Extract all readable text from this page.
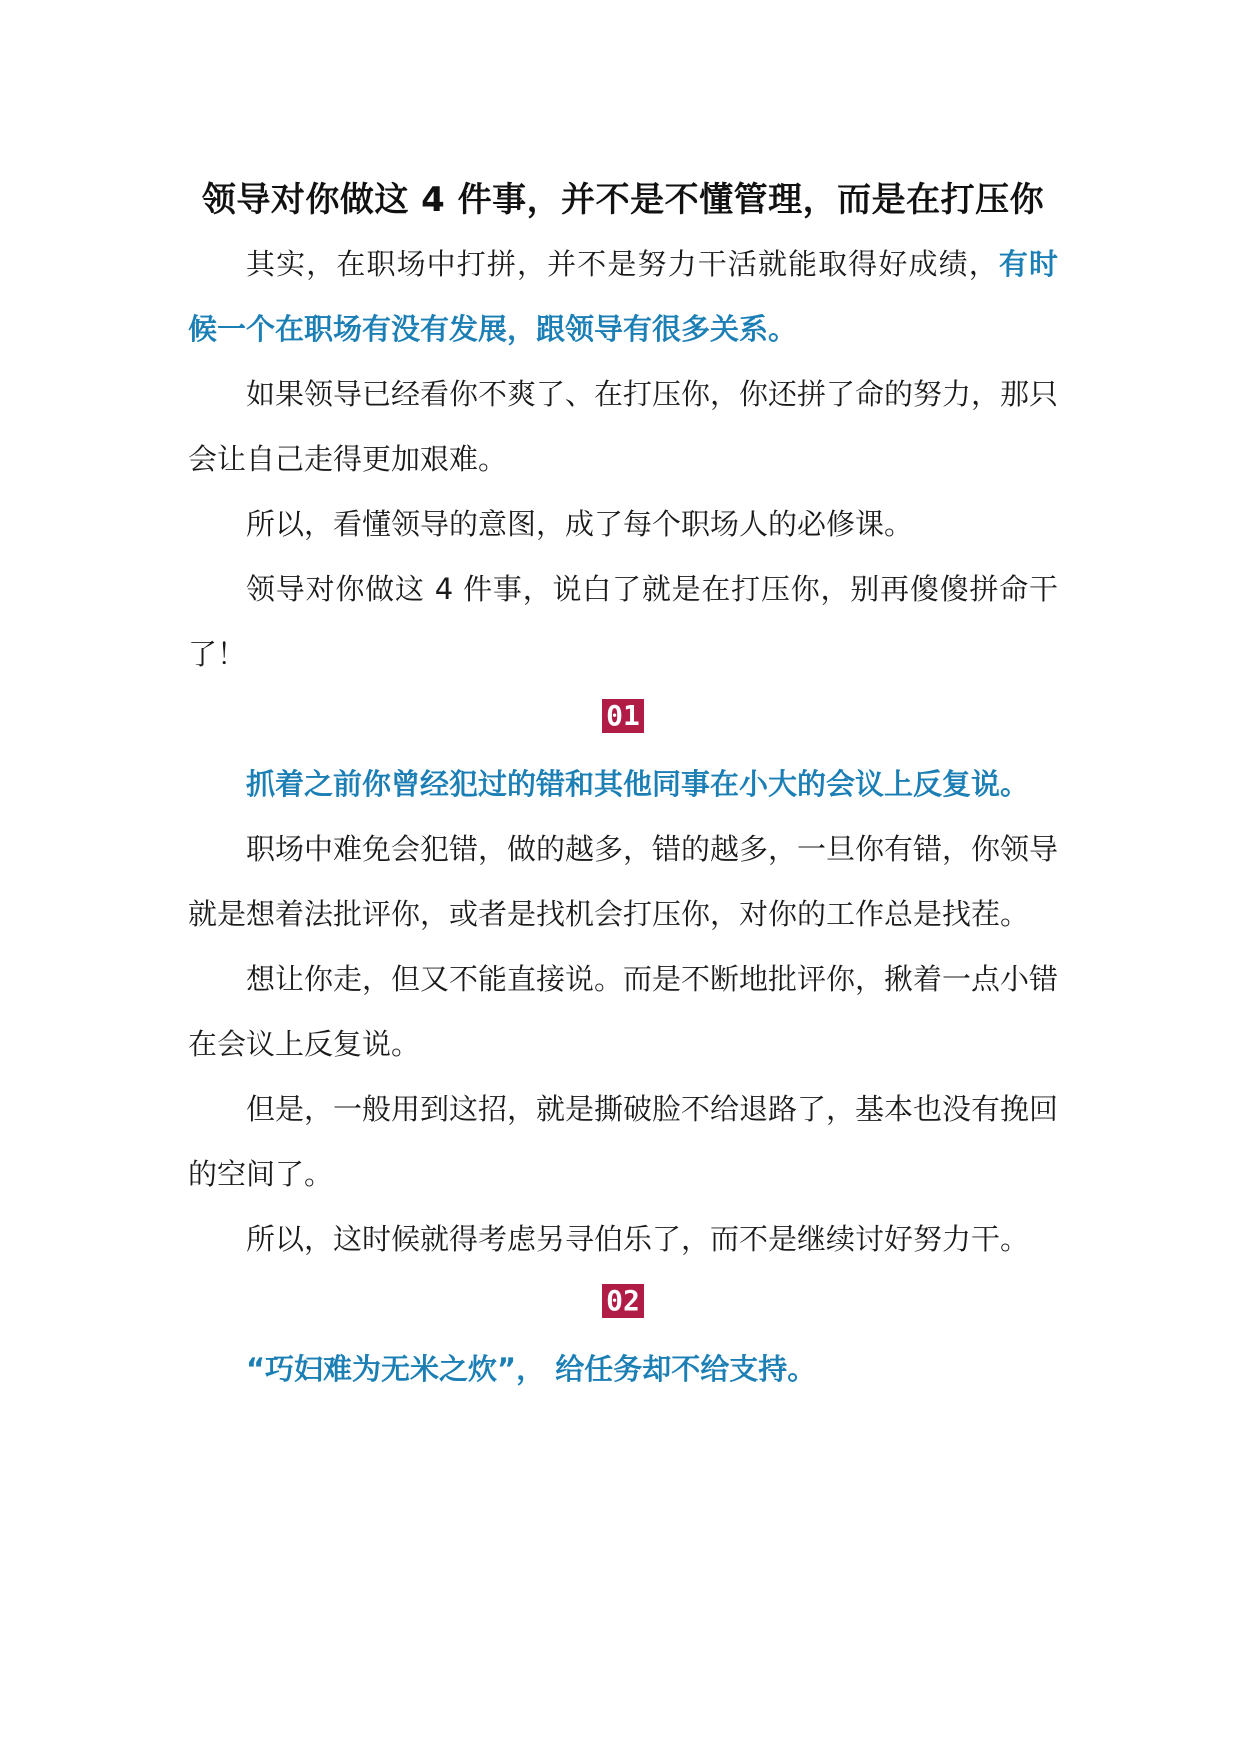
领导对你做这 4 件事，并不是不懂管理，而是在打压你

其实，在职场中打拼，并不是努力干活就能取得好成绩，有时候一个在职场有没有发展，跟领导有很多关系。

如果领导已经看你不爽了、在打压你，你还拼了命的努力，那只会让自己走得更加艰难。

所以，看懂领导的意图，成了每个职场人的必修课。

领导对你做这 4 件事，说白了就是在打压你，别再傻傻拼命干了！

01

抓着之前你曾经犯过的错和其他同事在小大的会议上反复说。

职场中难免会犯错，做的越多，错的越多，一旦你有错，你领导就是想着法批评你，或者是找机会打压你，对你的工作总是找茬。

想让你走，但又不能直接说。而是不断地批评你，揪着一点小错在会议上反复说。

但是，一般用到这招，就是撕破脸不给退路了，基本也没有挽回的空间了。

所以，这时候就得考虑另寻伯乐了，而不是继续讨好努力干。

02

“巧妇难为无米之炊”， 给任务却不给支持。
